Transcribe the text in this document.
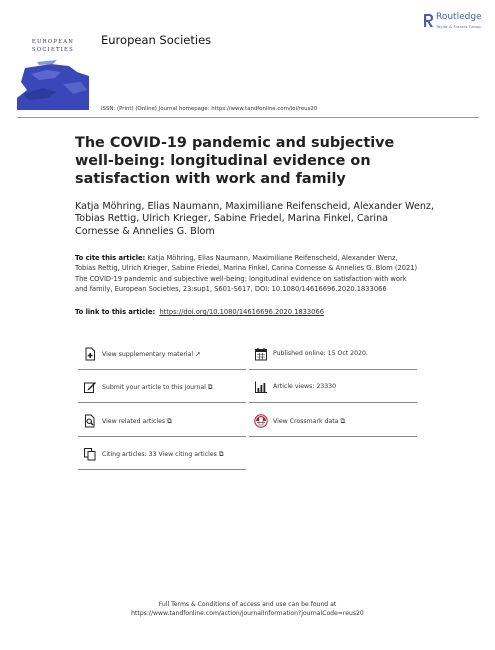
EUROPEAN
SOCIETIES
European Societies
ISSN: (Print) (Online) Journal homepage: https://www.tandfonline.com/loi/reus20
Routledge
Taylor & Francis Group
The COVID-19 pandemic and subjective well-being: longitudinal evidence on satisfaction with work and family
Katja Möhring, Elias Naumann, Maximiliane Reifenscheid, Alexander Wenz, Tobias Rettig, Ulrich Krieger, Sabine Friedel, Marina Finkel, Carina Cornesse & Annelies G. Blom
To cite this article: Katja Möhring, Elias Naumann, Maximiliane Reifenscheid, Alexander Wenz, Tobias Rettig, Ulrich Krieger, Sabine Friedel, Marina Finkel, Carina Cornesse & Annelies G. Blom (2021) The COVID-19 pandemic and subjective well-being: longitudinal evidence on satisfaction with work and family, European Societies, 23:sup1, S601-S617, DOI: 10.1080/14616696.2020.1833066
To link to this article: https://doi.org/10.1080/14616696.2020.1833066
View supplementary material ➚
Submit your article to this journal ⧉
View related articles ⧉
Citing articles: 33 View citing articles ⧉
Published online: 15 Oct 2020.
Article views: 23330
View Crossmark data ⧉
Full Terms & Conditions of access and use can be found at
https://www.tandfonline.com/action/journalInformation?journalCode=reus20
